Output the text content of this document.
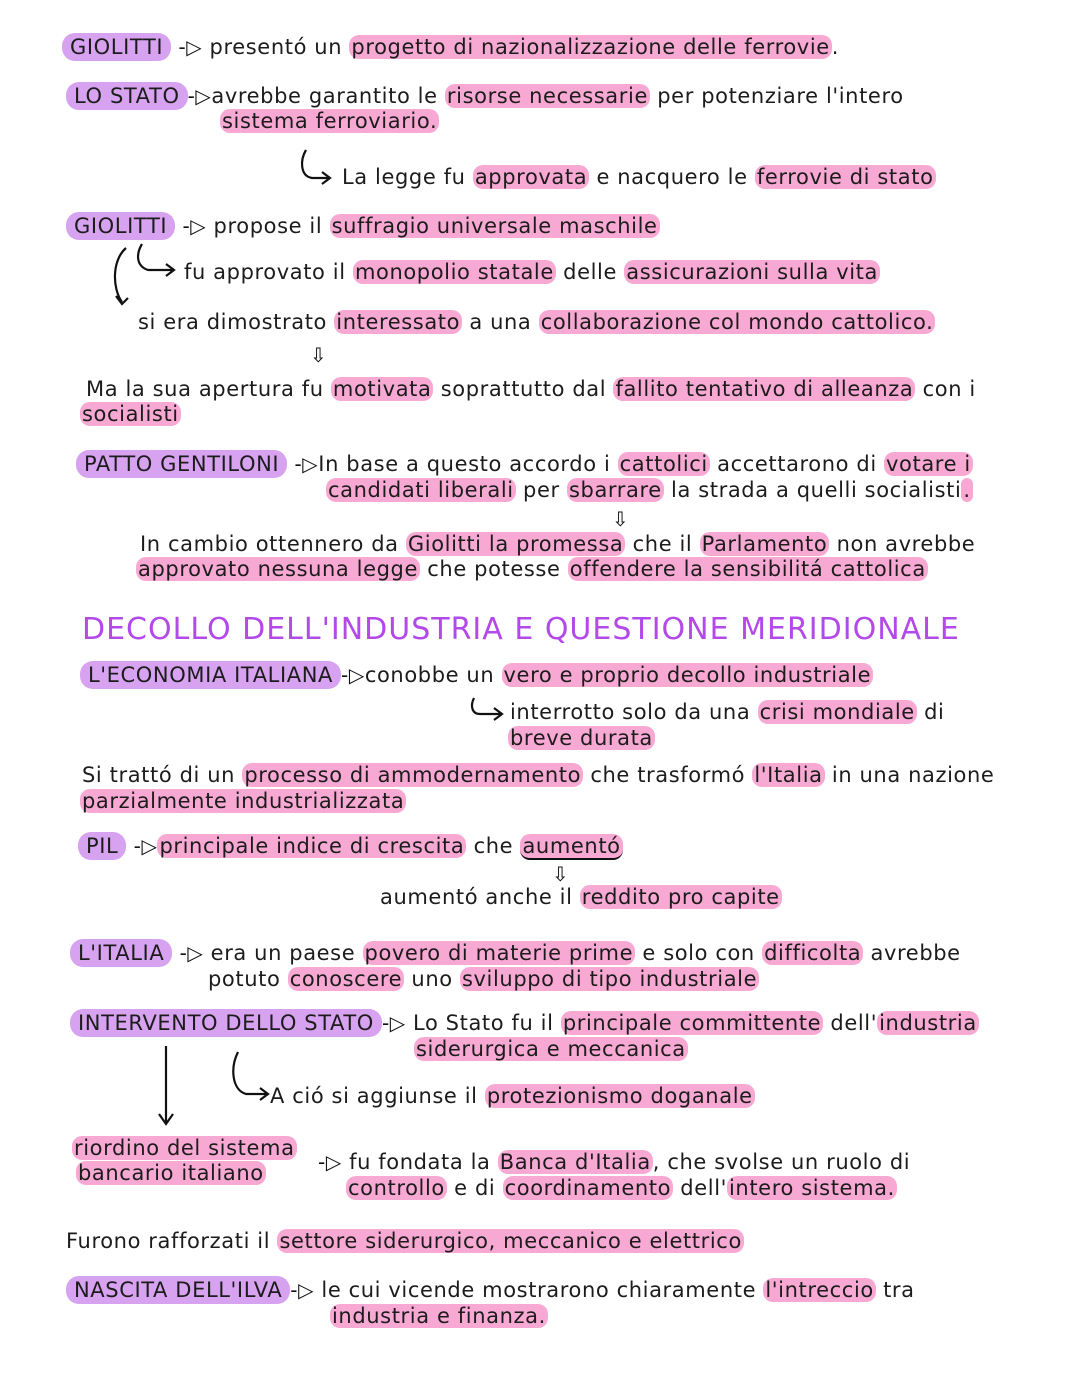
GIOLITTI -▷ presentó un progetto di nazionalizzazione delle ferrovie.
LO STATO -▷avrebbe garantito le risorse necessarie per potenziare l'intero
sistema ferroviario.
La legge fu approvata e nacquero le ferrovie di stato
GIOLITTI -▷ propose il suffragio universale maschile
fu approvato il monopolio statale delle assicurazioni sulla vita
si era dimostrato interessato a una collaborazione col mondo cattolico.
⇩
Ma la sua apertura fu motivata soprattutto dal fallito tentativo di alleanza con i
socialisti
PATTO GENTILONI -▷In base a questo accordo i cattolici accettarono di votare i
candidati liberali per sbarrare la strada a quelli socialisti.
⇩
In cambio ottennero da Giolitti la promessa che il Parlamento non avrebbe
approvato nessuna legge che potesse offendere la sensibilitá cattolica
DECOLLO DELL'INDUSTRIA E QUESTIONE MERIDIONALE
L'ECONOMIA ITALIANA -▷conobbe un vero e proprio decollo industriale
interrotto solo da una crisi mondiale di
breve durata
Si trattó di un processo di ammodernamento che trasformó l'Italia in una nazione
parzialmente industrializzata
PIL -▷principale indice di crescita che aumentó
⇩
aumentó anche il reddito pro capite
L'ITALIA -▷ era un paese povero di materie prime e solo con difficolta avrebbe
potuto conoscere uno sviluppo di tipo industriale
INTERVENTO DELLO STATO -▷ Lo Stato fu il principale committente dell'industria
siderurgica e meccanica
A ció si aggiunse il protezionismo doganale
riordino del sistema
bancario italiano	-▷ fu fondata la Banca d'Italia, che svolse un ruolo di
controllo e di coordinamento dell'intero sistema.
Furono rafforzati il settore siderurgico, meccanico e elettrico
NASCITA DELL'ILVA -▷ le cui vicende mostrarono chiaramente l'intreccio tra
industria e finanza.
